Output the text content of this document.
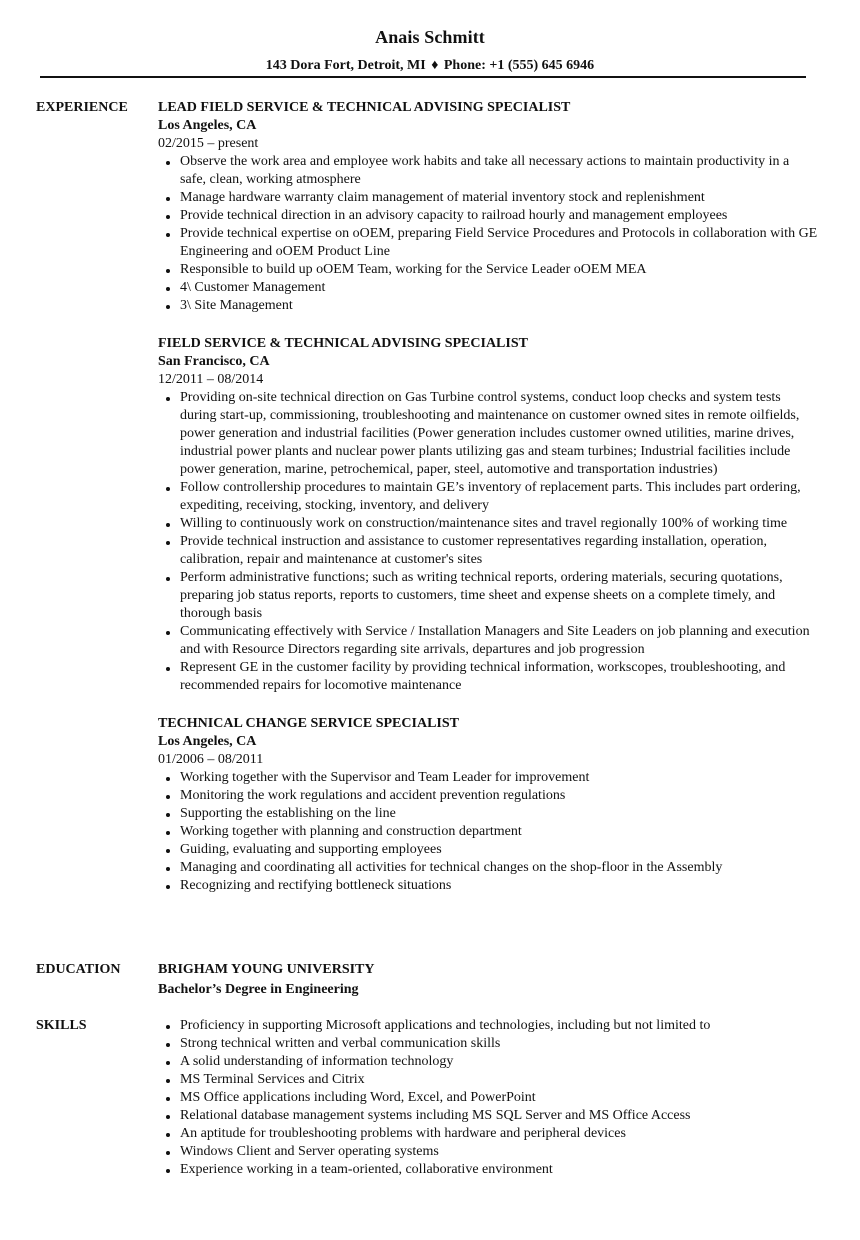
Anais Schmitt
143 Dora Fort, Detroit, MI ♦ Phone: +1 (555) 645 6946
EXPERIENCE LEAD FIELD SERVICE & TECHNICAL ADVISING SPECIALIST
Los Angeles, CA
02/2015 – present
Observe the work area and employee work habits and take all necessary actions to maintain productivity in a safe, clean, working atmosphere
Manage hardware warranty claim management of material inventory stock and replenishment
Provide technical direction in an advisory capacity to railroad hourly and management employees
Provide technical expertise on oOEM, preparing Field Service Procedures and Protocols in collaboration with GE Engineering and oOEM Product Line
Responsible to build up oOEM Team, working for the Service Leader oOEM MEA
4\ Customer Management
3\ Site Management
FIELD SERVICE & TECHNICAL ADVISING SPECIALIST
San Francisco, CA
12/2011 – 08/2014
Providing on-site technical direction on Gas Turbine control systems, conduct loop checks and system tests during start-up, commissioning, troubleshooting and maintenance on customer owned sites in remote oilfields, power generation and industrial facilities (Power generation includes customer owned utilities, marine drives, industrial power plants and nuclear power plants utilizing gas and steam turbines; Industrial facilities include power generation, marine, petrochemical, paper, steel, automotive and transportation industries)
Follow controllership procedures to maintain GE’s inventory of replacement parts. This includes part ordering, expediting, receiving, stocking, inventory, and delivery
Willing to continuously work on construction/maintenance sites and travel regionally 100% of working time
Provide technical instruction and assistance to customer representatives regarding installation, operation, calibration, repair and maintenance at customer's sites
Perform administrative functions; such as writing technical reports, ordering materials, securing quotations, preparing job status reports, reports to customers, time sheet and expense sheets on a complete timely, and thorough basis
Communicating effectively with Service / Installation Managers and Site Leaders on job planning and execution and with Resource Directors regarding site arrivals, departures and job progression
Represent GE in the customer facility by providing technical information, workscopes, troubleshooting, and recommended repairs for locomotive maintenance
TECHNICAL CHANGE SERVICE SPECIALIST
Los Angeles, CA
01/2006 – 08/2011
Working together with the Supervisor and Team Leader for improvement
Monitoring the work regulations and accident prevention regulations
Supporting the establishing on the line
Working together with planning and construction department
Guiding, evaluating and supporting employees
Managing and coordinating all activities for technical changes on the shop-floor in the Assembly
Recognizing and rectifying bottleneck situations
EDUCATION	BRIGHAM YOUNG UNIVERSITY
Bachelor’s Degree in Engineering
SKILLS	Proficiency in supporting Microsoft applications and technologies, including but not limited to
Strong technical written and verbal communication skills
A solid understanding of information technology
MS Terminal Services and Citrix
MS Office applications including Word, Excel, and PowerPoint
Relational database management systems including MS SQL Server and MS Office Access
An aptitude for troubleshooting problems with hardware and peripheral devices
Windows Client and Server operating systems
Experience working in a team-oriented, collaborative environment
